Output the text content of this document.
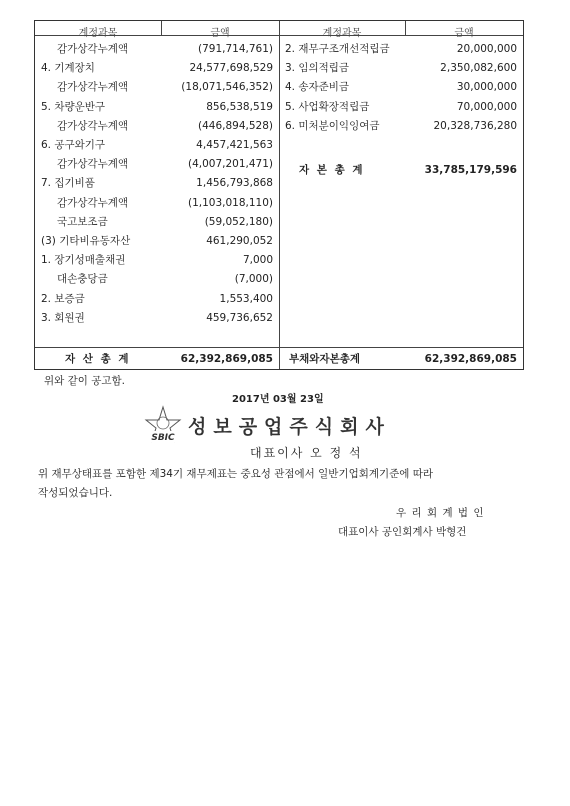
계정과목	금액	계정과목	금액
감가상각누계액	(791,714,761)
4. 기계장치	24,577,698,529
감가상각누계액	(18,071,546,352)
5. 차량운반구	856,538,519
감가상각누계액	(446,894,528)
6. 공구와기구	4,457,421,563
감가상각누계액	(4,007,201,471)
7. 집기비품	1,456,793,868
감가상각누계액	(1,103,018,110)
국고보조금	(59,052,180)
(3) 기타비유동자산	461,290,052
1. 장기성매출채권	7,000
대손충당금	(7,000)
2. 보증금	1,553,400
3. 회원권	459,736,652
2. 재무구조개선적립금	20,000,000
3. 임의적립금	2,350,082,600
4. 송자준비금	30,000,000
5. 사업확장적립금	70,000,000
6. 미처분이익잉여금	20,328,736,280
자 본 총 계	33,785,179,596
자 산 총 계	62,392,869,085 부채와자본총계	62,392,869,085
위와 같이 공고함.
2017년 03월 23일
SBIC 성보공업주식회사
대표이사 오 정 석
위 재무상태표를 포함한 제34기 재무제표는 중요성 관점에서 일반기업회계기준에 따라
작성되었습니다.
우 리 회 계 법 인
대표이사 공인회계사 박형건
